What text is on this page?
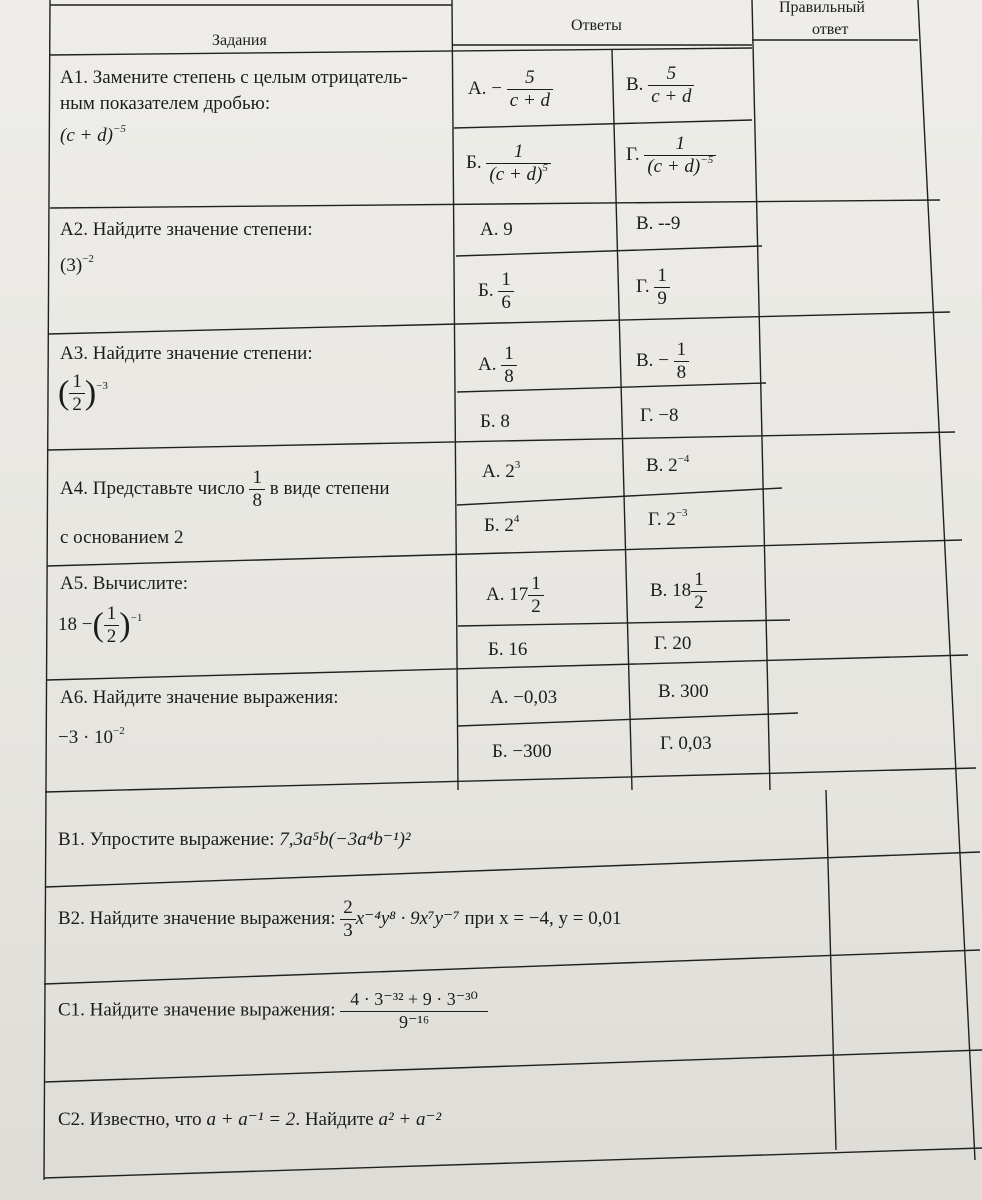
Задания
Ответы
Правильный
ответ
А1. Замените степень с целым отрицатель-
ным показателем дробью:
$(c + d)^{-5}$
А. − $\frac{5}{c + d}$	В. $\frac{5}{c + d}$
Б. $\frac{1}{(c + d)^5}$	Г. $\frac{1}{(c + d)^{-5}}$
А2. Найдите значение степени:
$(3)^{-2}$
А. 9	В. --9
Б. $\frac{1}{6}$	Г. $\frac{1}{9}$
А3. Найдите значение степени:
( $\frac{1}{2} )^{-3}$
А. $\frac{1}{8}$	В. − $\frac{1}{8}$
Б. 8	Г. −8
А4. Представьте число $\frac{1}{8}$ в виде степени
с основанием 2
А. $2^3$	В. $2^{-4}$
Б. $2^4$	Г. $2^{-3}$
А5. Вычислите:
18 −( $\frac{1}{2} )^{-1}$
А. $17 \frac{1}{2}$	В. $18 \frac{1}{2}$
Б. 16	Г. 20
А6. Найдите значение выражения:
$-3 \cdot 10^{-2}$
А. −0,03	В. 300
Б. −300	Г. 0,03
В1. Упростите выражение: 7,3a⁵b(−3a⁴b⁻¹)²
В2. Найдите значение выражения: $\frac{2}{3} x^{-4}y^8 \cdot 9x^7y^{-7}$ при x = −4, y = 0,01
С1. Найдите значение выражения: $\frac{\text{4 · 3⁻³² + 9 · 3⁻³⁰}}{\text{9⁻¹⁶}}$
С2. Известно, что a + a⁻¹ = 2. Найдите a² + a⁻²
